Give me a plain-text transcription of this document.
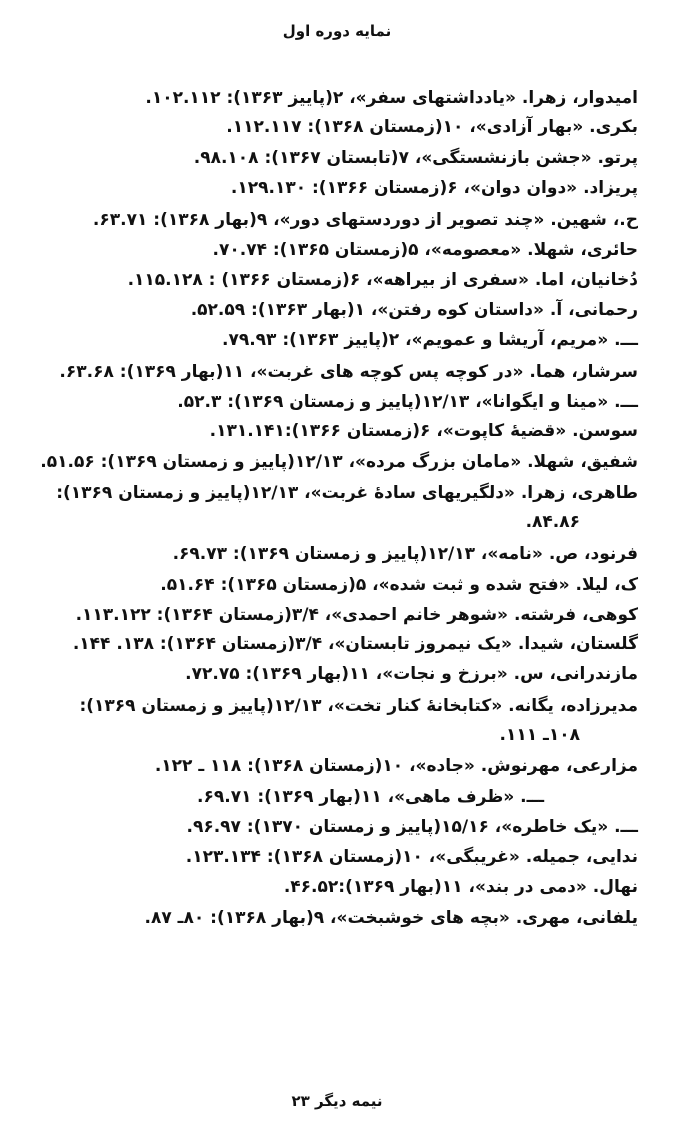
نمایه دوره اول
امیدوار، زهرا. «یادداشتهای سفر»، ۲(پاییز ۱۳۶۳): ۱۰۲.۱۱۲.
بکری. «بهار آزادی»، ۱۰(زمستان ۱۳۶۸): ۱۱۲.۱۱۷.
پرتو. «جشن بازنشستگی»، ۷(تابستان ۱۳۶۷): ۹۸.۱۰۸.
پریزاد. «دوان دوان»، ۶(زمستان ۱۳۶۶): ۱۲۹.۱۳۰.
ح.، شهین. «چند تصویر از دوردستهای دور»، ۹(بهار ۱۳۶۸): ۶۳.۷۱.
حائری، شهلا. «معصومه»، ۵(زمستان ۱۳۶۵): ۷۰.۷۴.
دُخانیان، اما. «سفری از بیراهه»، ۶(زمستان ۱۳۶۶) : ۱۱۵.۱۲۸.
رحمانی، آ. «داستان کوه رفتن»، ۱(بهار ۱۳۶۳): ۵۲.۵۹.
ـــ. «مریم، آریشا و عمویم»، ۲(پاییز ۱۳۶۳): ۷۹.۹۳.
سرشار، هما. «در کوچه پس کوچه های غربت»، ۱۱(بهار ۱۳۶۹): ۶۳.۶۸.
ـــ. «مینا و ایگوانا»، ۱۲/۱۳(پاییز و زمستان ۱۳۶۹): ۵۲.۳.
سوسن. «قضیهٔ کاپوت»، ۶(زمستان ۱۳۶۶):۱۳۱.۱۴۱.
شفیق، شهلا. «مامان بزرگ مرده»، ۱۲/۱۳(پاییز و زمستان ۱۳۶۹): ۵۱.۵۶.
طاهری، زهرا. «دلگیریهای سادهٔ غربت»، ۱۲/۱۳(پاییز و زمستان ۱۳۶۹):
۸۴.۸۶.
فرنود، ص. «نامه»، ۱۲/۱۳(پاییز و زمستان ۱۳۶۹): ۶۹.۷۳.
ک، لیلا. «فتح شده و ثبت شده»، ۵(زمستان ۱۳۶۵): ۵۱.۶۴.
کوهی، فرشته. «شوهر خانم احمدی»، ۳/۴(زمستان ۱۳۶۴): ۱۱۳.۱۲۲.
گلستان، شیدا. «یک نیمروز تابستان»، ۳/۴(زمستان ۱۳۶۴): ۱۳۸. ۱۴۴.
مازندرانی، س. «برزخ و نجات»، ۱۱(بهار ۱۳۶۹): ۷۲.۷۵.
مدیرزاده، یگانه. «کتابخانهٔ کنار تخت»، ۱۲/۱۳(پاییز و زمستان ۱۳۶۹):
۱۰۸ـ ۱۱۱.
مزارعی، مهرنوش. «جاده»، ۱۰(زمستان ۱۳۶۸): ۱۱۸ ـ ۱۲۲.
ـــ. «ظرف ماهی»، ۱۱(بهار ۱۳۶۹): ۶۹.۷۱.
ـــ. «یک خاطره»، ۱۵/۱۶(پاییز و زمستان ۱۳۷۰): ۹۶.۹۷.
ندایی، جمیله. «غریبگی»، ۱۰(زمستان ۱۳۶۸): ۱۲۳.۱۳۴.
نهال. «دمی در بند»، ۱۱(بهار ۱۳۶۹):۴۶.۵۲.
یلفانی، مهری. «بچه های خوشبخت»، ۹(بهار ۱۳۶۸): ۸۰ـ ۸۷.
نیمه دیگر ۲۳
